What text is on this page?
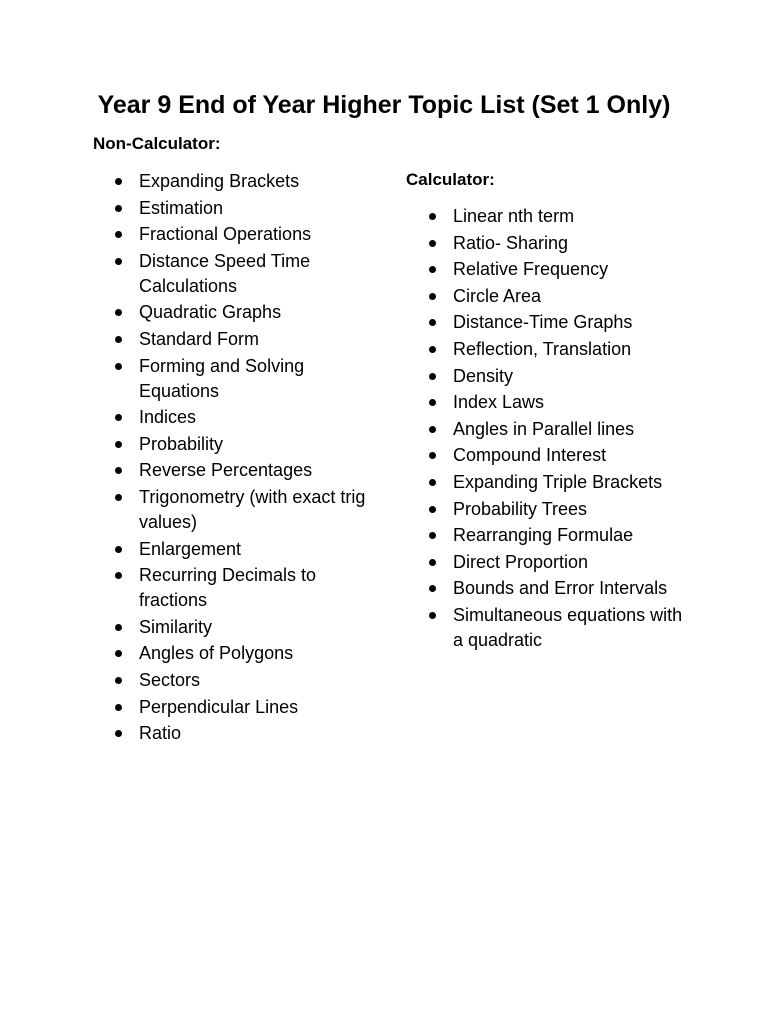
Year 9 End of Year Higher Topic List (Set 1 Only)
Non-Calculator:
Expanding Brackets
Estimation
Fractional Operations
Distance Speed Time Calculations
Quadratic Graphs
Standard Form
Forming and Solving Equations
Indices
Probability
Reverse Percentages
Trigonometry (with exact trig values)
Enlargement
Recurring Decimals to fractions
Similarity
Angles of Polygons
Sectors
Perpendicular Lines
Ratio
Calculator:
Linear nth term
Ratio- Sharing
Relative Frequency
Circle Area
Distance-Time Graphs
Reflection, Translation
Density
Index Laws
Angles in Parallel lines
Compound Interest
Expanding Triple Brackets
Probability Trees
Rearranging Formulae
Direct Proportion
Bounds and Error Intervals
Simultaneous equations with a quadratic
